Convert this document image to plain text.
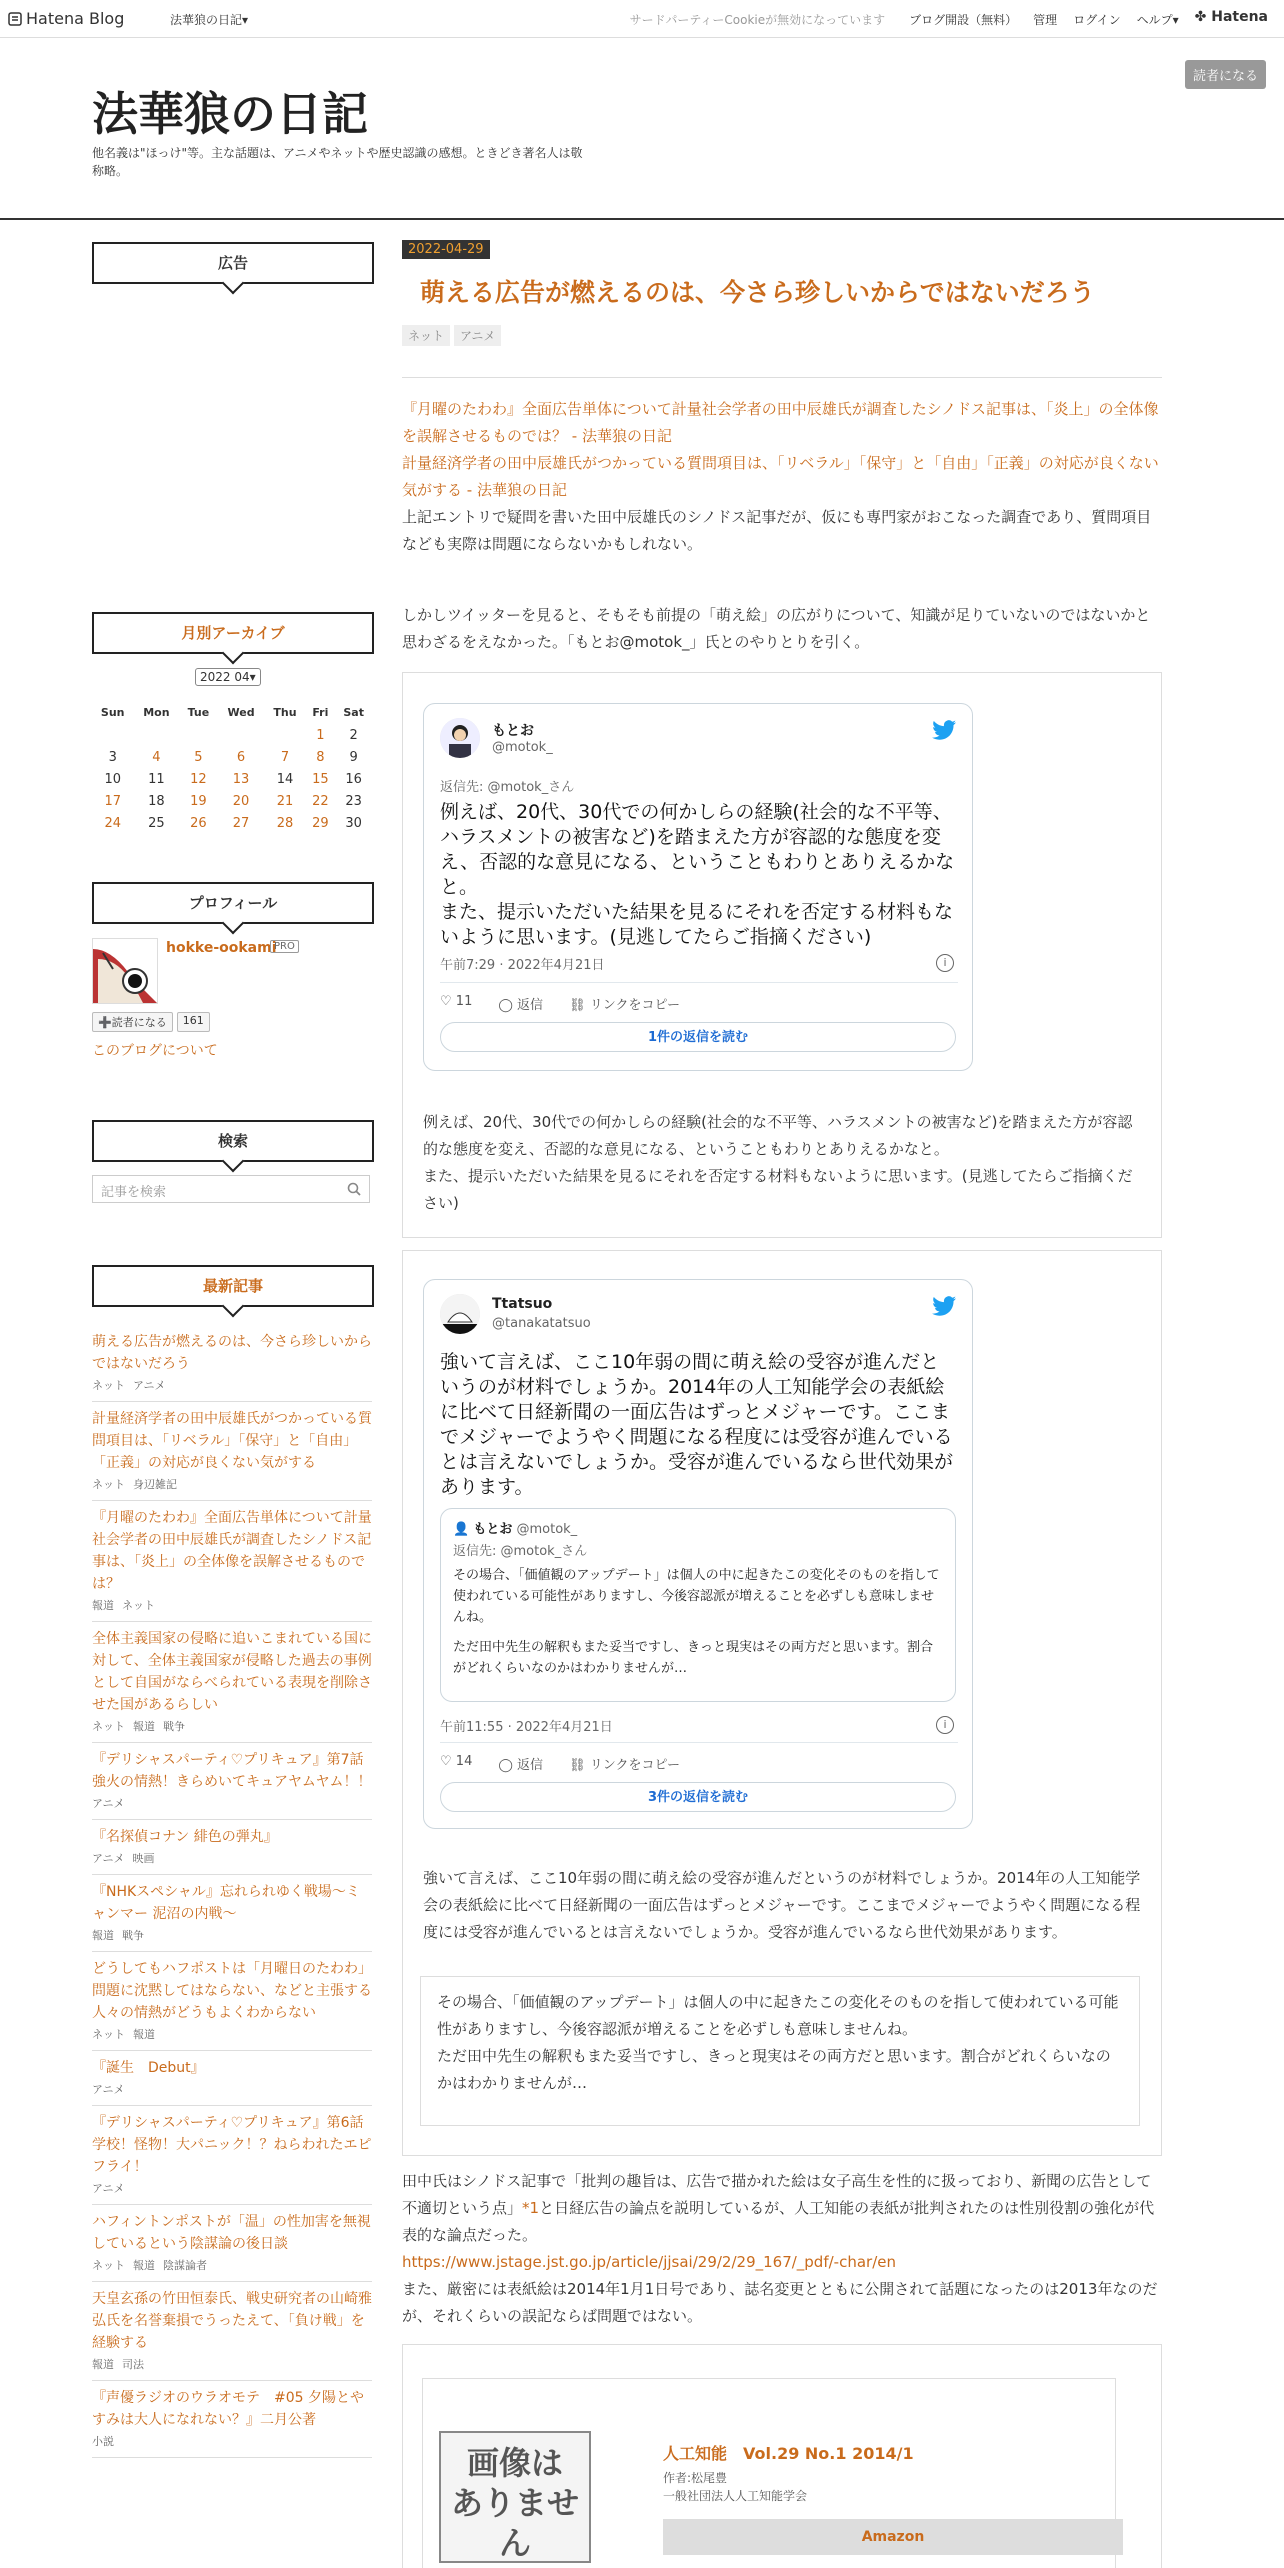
Hatena Blog	法華狼の日記▾	サードパーティーCookieが無効になっています ブログ開設（無料） 管理 ログイン ヘルプ▾ ✤ Hatena
法華狼の日記
他名義は"ほっけ"等。主な話題は、アニメやネットや歴史認識の感想。ときどき著名人は敬称略。
読者になる
広告
月別アーカイブ
2022 04▾
Sun	Mon	Tue	Wed	Thu	Fri	Sat
					1	2
3	4	5	6	7	8	9
10	11	12	13	14	15	16
17	18	19	20	21	22	23
24	25	26	27	28	29	30
プロフィール
hokke-ookami
PRO
➕読者になる	161
このブログについて
検索
記事を検索
最新記事
萌える広告が燃えるのは、今さら珍しいからではないだろう
ネット アニメ
計量経済学者の田中辰雄氏がつかっている質問項目は、「リベラル」「保守」と「自由」「正義」の対応が良くない気がする
ネット 身辺雑記
『月曜のたわわ』全面広告単体について計量社会学者の田中辰雄氏が調査したシノドス記事は、「炎上」の全体像を誤解させるものでは？
報道 ネット
全体主義国家の侵略に追いこまれている国に対して、全体主義国家が侵略した過去の事例として自国がならべられている表現を削除させた国があるらしい
ネット 報道 戦争
『デリシャスパーティ♡プリキュア』第7話　強火の情熱！きらめいてキュアヤムヤム！！
アニメ
『名探偵コナン 緋色の弾丸』
アニメ 映画
『NHKスペシャル』忘れられゆく戦場〜ミャンマー 泥沼の内戦〜
報道 戦争
どうしてもハフポストは「月曜日のたわわ」問題に沈黙してはならない、などと主張する人々の情熱がどうもよくわからない
ネット 報道
『誕生　Debut』
アニメ
『デリシャスパーティ♡プリキュア』第6話　学校！怪物！大パニック！？ねらわれたエピフライ！
アニメ
ハフィントンポストが「温」の性加害を無視しているという陰謀論の後日談
ネット 報道 陰謀論者
天皇玄孫の竹田恒泰氏、戦史研究者の山崎雅弘氏を名誉棄損でうったえて、「負け戦」を経験する
報道 司法
『声優ラジオのウラオモテ　#05 夕陽とやすみは大人になれない？』二月公著
小説
2022-04-29
萌える広告が燃えるのは、今さら珍しいからではないだろう
ネット	アニメ
『月曜のたわわ』全面広告単体について計量社会学者の田中辰雄氏が調査したシノドス記事は、「炎上」の全体像を誤解させるものでは？ - 法華狼の日記
計量経済学者の田中辰雄氏がつかっている質問項目は、「リベラル」「保守」と「自由」「正義」の対応が良くない気がする - 法華狼の日記
上記エントリで疑問を書いた田中辰雄氏のシノドス記事だが、仮にも専門家がおこなった調査であり、質問項目なども実際は問題にならないかもしれない。
しかしツイッターを見ると、そもそも前提の「萌え絵」の広がりについて、知識が足りていないのではないかと思わざるをえなかった。「もとお@motok_」氏とのやりとりを引く。
もとお
@motok_
返信先: @motok_さん
例えば、20代、30代での何かしらの経験(社会的な不平等、ハラスメントの被害など)を踏まえた方が容認的な態度を変え、否認的な意見になる、ということもわりとありえるかなと。
また、提示いただいた結果を見るにそれを否定する材料もないように思います。(見逃してたらご指摘ください)
午前7:29 · 2022年4月21日	i
♡ 11 ◯ 返信 ⛓ リンクをコピー
1件の返信を読む
例えば、20代、30代での何かしらの経験(社会的な不平等、ハラスメントの被害など)を踏まえた方が容認的な態度を変え、否認的な意見になる、ということもわりとありえるかなと。
また、提示いただいた結果を見るにそれを否定する材料もないように思います。(見逃してたらご指摘ください)
Ttatsuo
@tanakatatsuo
強いて言えば、ここ10年弱の間に萌え絵の受容が進んだというのが材料でしょうか。2014年の人工知能学会の表紙絵に比べて日経新聞の一面広告はずっとメジャーです。ここまでメジャーでようやく問題になる程度には受容が進んでいるとは言えないでしょうか。受容が進んでいるなら世代効果があります。
👤 もとお @motok_
返信先: @motok_さん
その場合、「価値観のアップデート」は個人の中に起きたこの変化そのものを指して使われている可能性がありますし、今後容認派が増えることを必ずしも意味しませんね。
ただ田中先生の解釈もまた妥当ですし、きっと現実はその両方だと思います。割合がどれくらいなのかはわかりませんが…
午前11:55 · 2022年4月21日	i
♡ 14 ◯ 返信 ⛓ リンクをコピー
3件の返信を読む
強いて言えば、ここ10年弱の間に萌え絵の受容が進んだというのが材料でしょうか。2014年の人工知能学会の表紙絵に比べて日経新聞の一面広告はずっとメジャーです。ここまでメジャーでようやく問題になる程度には受容が進んでいるとは言えないでしょうか。受容が進んでいるなら世代効果があります。
その場合、「価値観のアップデート」は個人の中に起きたこの変化そのものを指して使われている可能性がありますし、今後容認派が増えることを必ずしも意味しませんね。
ただ田中先生の解釈もまた妥当ですし、きっと現実はその両方だと思います。割合がどれくらいなのかはわかりませんが…
田中氏はシノドス記事で「批判の趣旨は、広告で描かれた絵は女子高生を性的に扱っており、新聞の広告として不適切という点」*1と日経広告の論点を説明しているが、人工知能の表紙が批判されたのは性別役割の強化が代表的な論点だった。
https://www.jstage.jst.go.jp/article/jjsai/29/2/29_167/_pdf/-char/en
また、厳密には表紙絵は2014年1月1日号であり、誌名変更とともに公開されて話題になったのは2013年なのだが、それくらいの誤記ならば問題ではない。
画像は
ありません
人工知能　Vol.29 No.1 2014/1
作者:松尾豊
一般社団法人人工知能学会
Amazon
